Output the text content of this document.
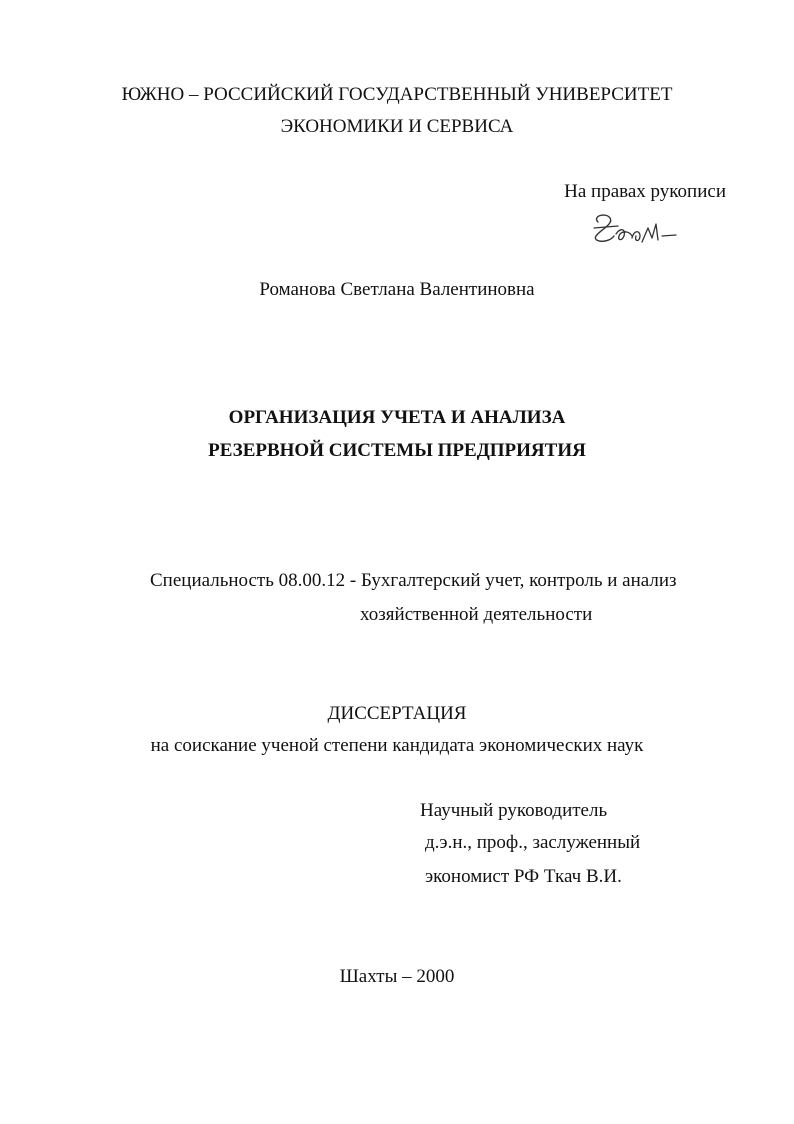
ЮЖНО – РОССИЙСКИЙ ГОСУДАРСТВЕННЫЙ УНИВЕРСИТЕТ
ЭКОНОМИКИ И СЕРВИСА
На правах рукописи
Романова Светлана Валентиновна
ОРГАНИЗАЦИЯ УЧЕТА И АНАЛИЗА
РЕЗЕРВНОЙ СИСТЕМЫ ПРЕДПРИЯТИЯ
Специальность 08.00.12 - Бухгалтерский учет, контроль и анализ
хозяйственной деятельности
ДИССЕРТАЦИЯ
на соискание ученой степени кандидата экономических наук
Научный руководитель
д.э.н., проф., заслуженный
экономист РФ Ткач В.И.
Шахты – 2000
